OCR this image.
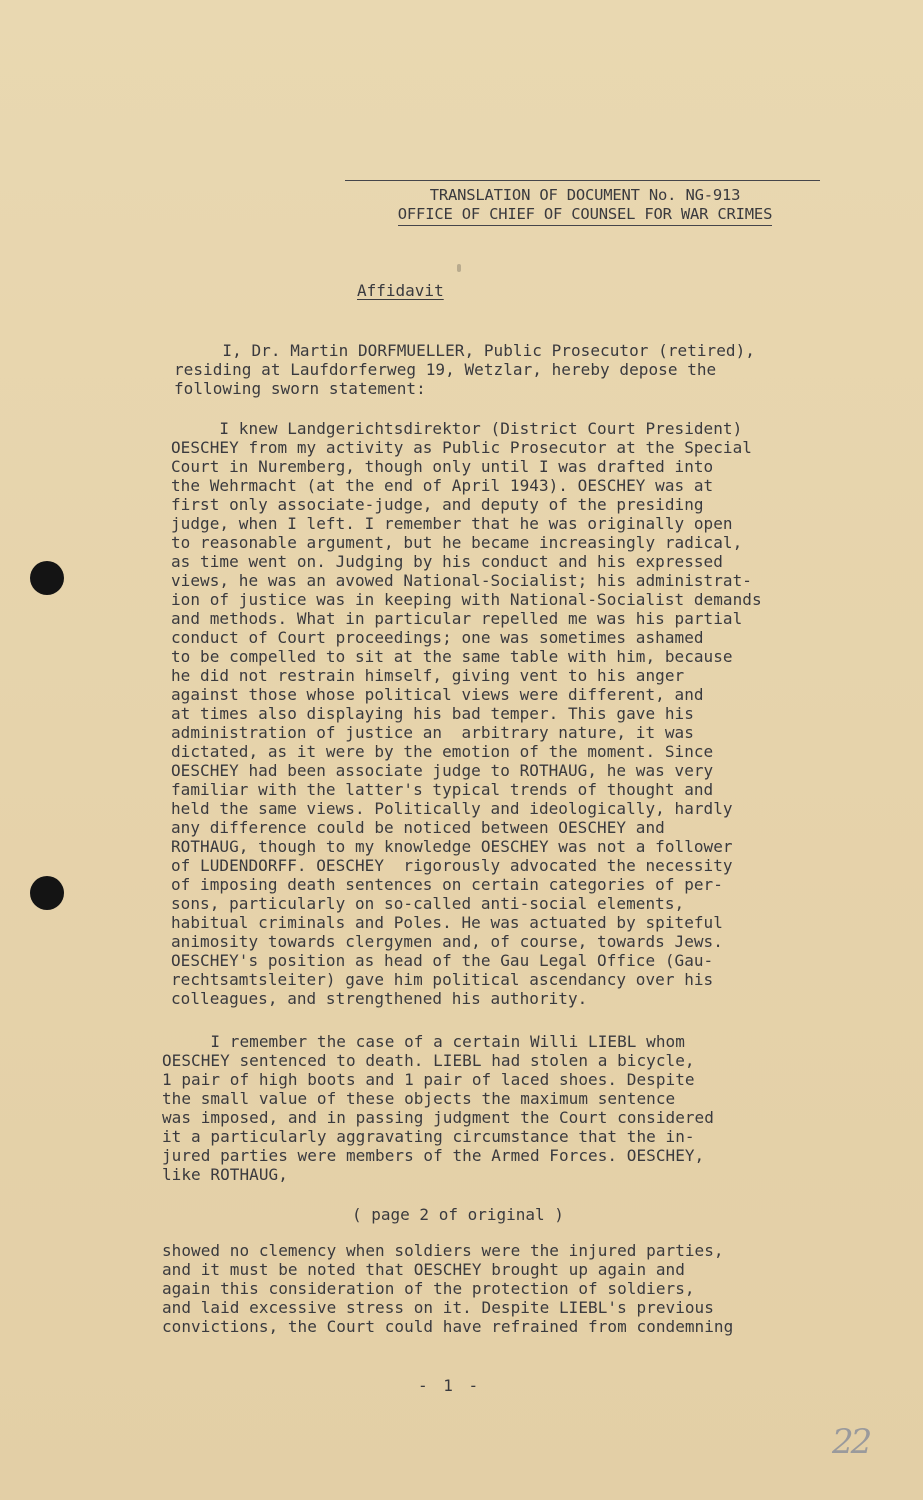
TRANSLATION OF DOCUMENT No. NG-913
OFFICE OF CHIEF OF COUNSEL FOR WAR CRIMES
Affidavit
I, Dr. Martin DORFMUELLER, Public Prosecutor (retired),
residing at Laufdorferweg 19, Wetzlar, hereby depose the
following sworn statement:
I knew Landgerichtsdirektor (District Court President)
OESCHEY from my activity as Public Prosecutor at the Special
Court in Nuremberg, though only until I was drafted into
the Wehrmacht (at the end of April 1943). OESCHEY was at
first only associate-judge, and deputy of the presiding
judge, when I left. I remember that he was originally open
to reasonable argument, but he became increasingly radical,
as time went on. Judging by his conduct and his expressed
views, he was an avowed National-Socialist; his administrat-
ion of justice was in keeping with National-Socialist demands
and methods. What in particular repelled me was his partial
conduct of Court proceedings; one was sometimes ashamed
to be compelled to sit at the same table with him, because
he did not restrain himself, giving vent to his anger
against those whose political views were different, and
at times also displaying his bad temper. This gave his
administration of justice an  arbitrary nature, it was
dictated, as it were by the emotion of the moment. Since
OESCHEY had been associate judge to ROTHAUG, he was very
familiar with the latter's typical trends of thought and
held the same views. Politically and ideologically, hardly
any difference could be noticed between OESCHEY and
ROTHAUG, though to my knowledge OESCHEY was not a follower
of LUDENDORFF. OESCHEY  rigorously advocated the necessity
of imposing death sentences on certain categories of per-
sons, particularly on so-called anti-social elements,
habitual criminals and Poles. He was actuated by spiteful
animosity towards clergymen and, of course, towards Jews.
OESCHEY's position as head of the Gau Legal Office (Gau-
rechtsamtsleiter) gave him political ascendancy over his
colleagues, and strengthened his authority.
I remember the case of a certain Willi LIEBL whom
OESCHEY sentenced to death. LIEBL had stolen a bicycle,
1 pair of high boots and 1 pair of laced shoes. Despite
the small value of these objects the maximum sentence
was imposed, and in passing judgment the Court considered
it a particularly aggravating circumstance that the in-
jured parties were members of the Armed Forces. OESCHEY,
like ROTHAUG,
( page 2 of original )
showed no clemency when soldiers were the injured parties,
and it must be noted that OESCHEY brought up again and
again this consideration of the protection of soldiers,
and laid excessive stress on it. Despite LIEBL's previous
convictions, the Court could have refrained from condemning
- 1 -
22
